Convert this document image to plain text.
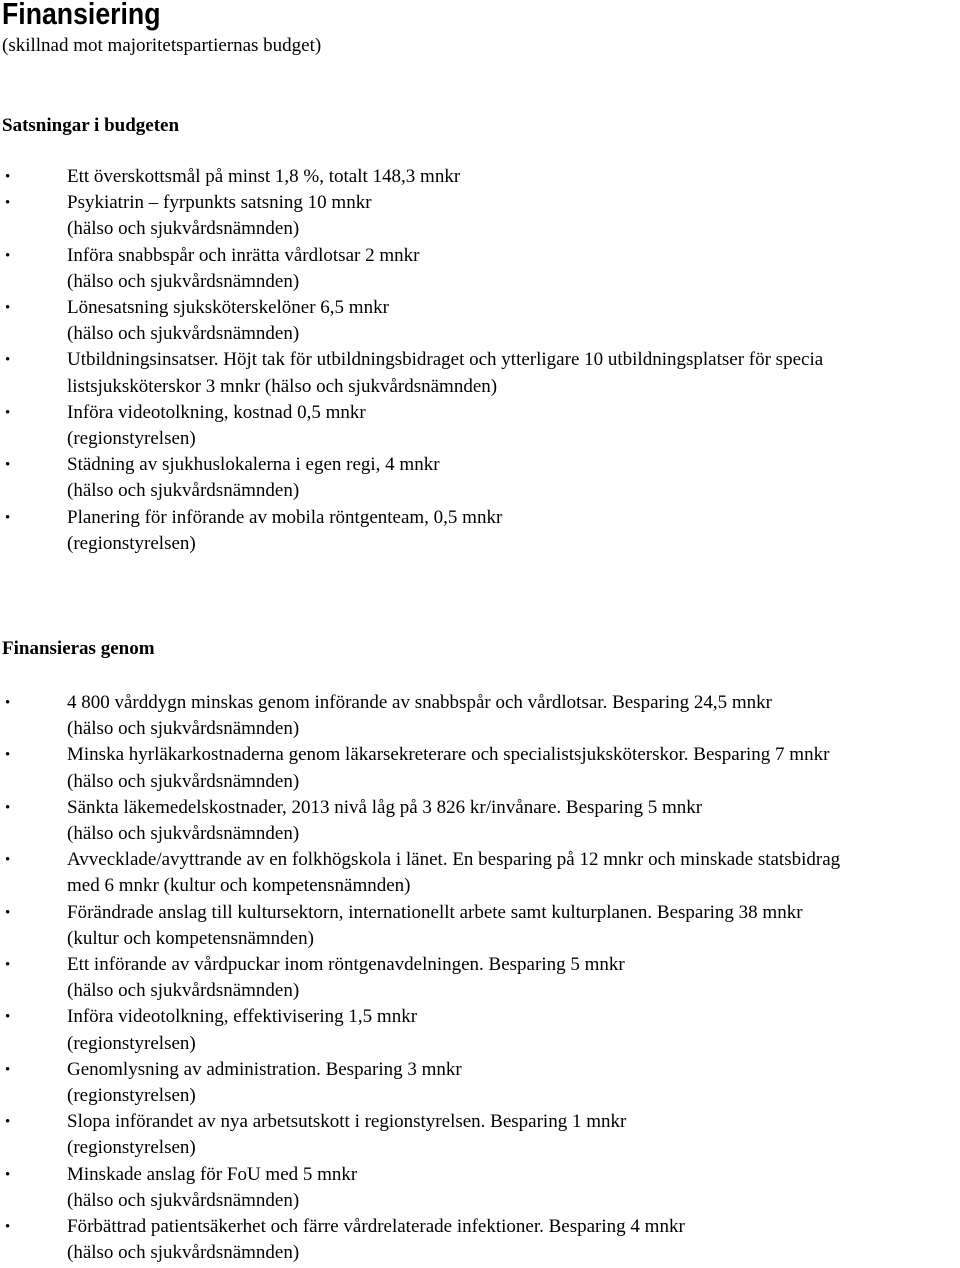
Finansiering
(skillnad mot majoritetspartiernas budget)
Satsningar i budgeten
•	Ett överskottsmål på minst 1,8 %, totalt 148,3 mnkr
•	Psykiatrin – fyrpunkts satsning 10 mnkr
(hälso och sjukvårdsnämnden)
•	Införa snabbspår och inrätta vårdlotsar 2 mnkr
(hälso och sjukvårdsnämnden)
•	Lönesatsning sjuksköterskelöner 6,5 mnkr
(hälso och sjukvårdsnämnden)
•	Utbildningsinsatser. Höjt tak för utbildningsbidraget och ytterligare 10 utbildningsplatser för specia
listsjuksköterskor 3 mnkr (hälso och sjukvårdsnämnden)
•	Införa videotolkning, kostnad 0,5 mnkr
(regionstyrelsen)
•	Städning av sjukhuslokalerna i egen regi, 4 mnkr
(hälso och sjukvårdsnämnden)
•	Planering för införande av mobila röntgenteam, 0,5 mnkr
(regionstyrelsen)
Finansieras genom
•	4 800 vårddygn minskas genom införande av snabbspår och vårdlotsar. Besparing 24,5 mnkr
(hälso och sjukvårdsnämnden)
•	Minska hyrläkarkostnaderna genom läkarsekreterare och specialistsjuksköterskor. Besparing 7 mnkr
(hälso och sjukvårdsnämnden)
•	Sänkta läkemedelskostnader, 2013 nivå låg på 3 826 kr/invånare. Besparing 5 mnkr
(hälso och sjukvårdsnämnden)
•	Avvecklade/avyttrande av en folkhögskola i länet. En besparing på 12 mnkr och minskade statsbidrag
med 6 mnkr (kultur och kompetensnämnden)
•	Förändrade anslag till kultursektorn, internationellt arbete samt kulturplanen. Besparing 38 mnkr
(kultur och kompetensnämnden)
•	Ett införande av vårdpuckar inom röntgenavdelningen. Besparing 5 mnkr
(hälso och sjukvårdsnämnden)
•	Införa videotolkning, effektivisering 1,5 mnkr
(regionstyrelsen)
•	Genomlysning av administration. Besparing 3 mnkr
(regionstyrelsen)
•	Slopa införandet av nya arbetsutskott i regionstyrelsen. Besparing 1 mnkr
(regionstyrelsen)
•	Minskade anslag för FoU med 5 mnkr
(hälso och sjukvårdsnämnden)
•	Förbättrad patientsäkerhet och färre vårdrelaterade infektioner. Besparing 4 mnkr
(hälso och sjukvårdsnämnden)
